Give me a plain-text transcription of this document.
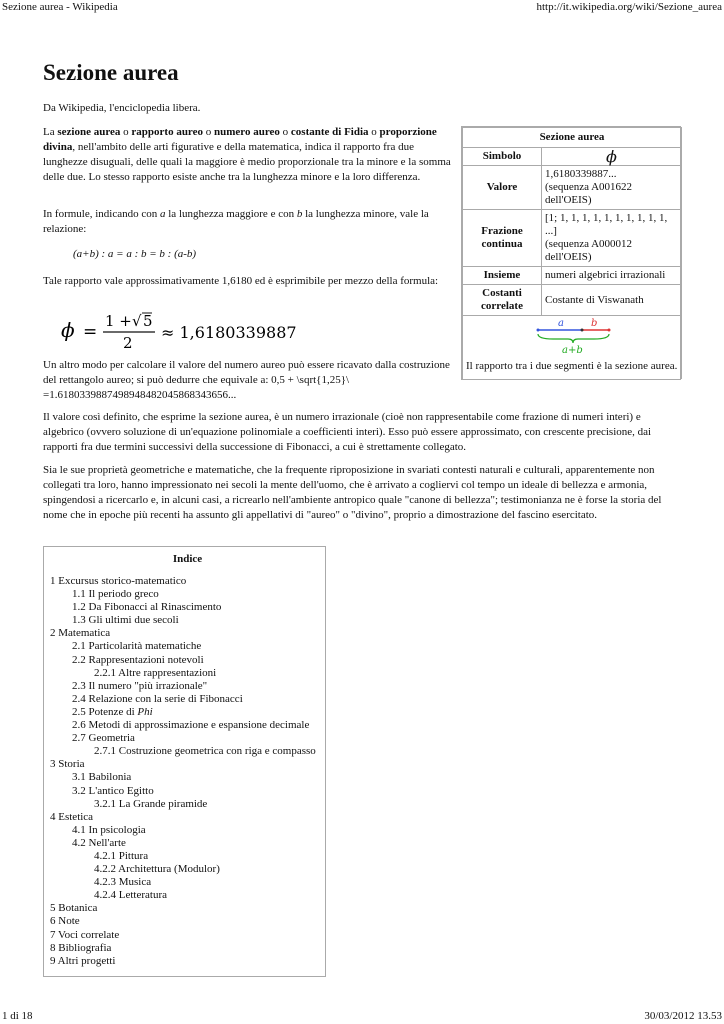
Sezione aurea - Wikipedia	http://it.wikipedia.org/wiki/Sezione_aurea
Sezione aurea
Da Wikipedia, l'enciclopedia libera.

La sezione aurea o rapporto aureo o numero aureo o costante di Fidia o proporzione divina, nell'ambito delle arti figurative e della matematica, indica il rapporto fra due lunghezze disuguali, delle quali la maggiore è medio proporzionale tra la minore e la somma delle due. Lo stesso rapporto esiste anche tra la lunghezza minore e la loro differenza.

In formule, indicando con a la lunghezza maggiore e con b la lunghezza minore, vale la relazione:

(a+b) : a = a : b = b : (a-b)

Tale rapporto vale approssimativamente 1,6180 ed è esprimibile per mezzo della formula:

ϕ =
1 + √ 5
2
≈ 1,6180339887

Un altro modo per calcolare il valore del numero aureo può essere ricavato dalla costruzione del rettangolo aureo; si può dedurre che equivale a: 0,5 + \sqrt{1,25}\ =1.6180339887498948482045868343656...

Il valore così definito, che esprime la sezione aurea, è un numero irrazionale (cioè non rappresentabile come frazione di numeri interi) e algebrico (ovvero soluzione di un'equazione polinomiale a coefficienti interi). Esso può essere approssimato, con crescente precisione, dai rapporti fra due termini successivi della successione di Fibonacci, a cui è strettamente collegato.

Sia le sue proprietà geometriche e matematiche, che la frequente riproposizione in svariati contesti naturali e culturali, apparentemente non collegati tra loro, hanno impressionato nei secoli la mente dell'uomo, che è arrivato a cogliervi col tempo un ideale di bellezza e armonia, spingendosi a ricercarlo e, in alcuni casi, a ricrearlo nell'ambiente antropico quale "canone di bellezza"; testimonianza ne è forse la storia del nome che in epoche più recenti ha assunto gli appellativi di "aureo" o "divino", proprio a dimostrazione del fascino esercitato.

Sezione aurea	
Simbolo	ϕ
Valore	1,6180339887...
(sequenza A001622 dell'OEIS)
Frazione continua	[1; 1, 1, 1, 1, 1, 1, 1, 1, 1, 1, ...]
(sequenza A000012 dell'OEIS)
Insieme	numeri algebrici irrazionali
Costanti correlate	Costante di Viswanath

a b
a+b
Il rapporto tra i due segmenti è la sezione aurea.	
Indice
1 Excursus storico-matematico
1.1 Il periodo greco
1.2 Da Fibonacci al Rinascimento
1.3 Gli ultimi due secoli
2 Matematica
2.1 Particolarità matematiche
2.2 Rappresentazioni notevoli
2.2.1 Altre rappresentazioni
2.3 Il numero "più irrazionale"
2.4 Relazione con la serie di Fibonacci
2.5 Potenze di Phi
2.6 Metodi di approssimazione e espansione decimale
2.7 Geometria
2.7.1 Costruzione geometrica con riga e compasso
3 Storia
3.1 Babilonia
3.2 L'antico Egitto
3.2.1 La Grande piramide
4 Estetica
4.1 In psicologia
4.2 Nell'arte
4.2.1 Pittura
4.2.2 Architettura (Modulor)
4.2.3 Musica
4.2.4 Letteratura
5 Botanica
6 Note
7 Voci correlate
8 Bibliografia
9 Altri progetti
1 di 18	30/03/2012 13.53
